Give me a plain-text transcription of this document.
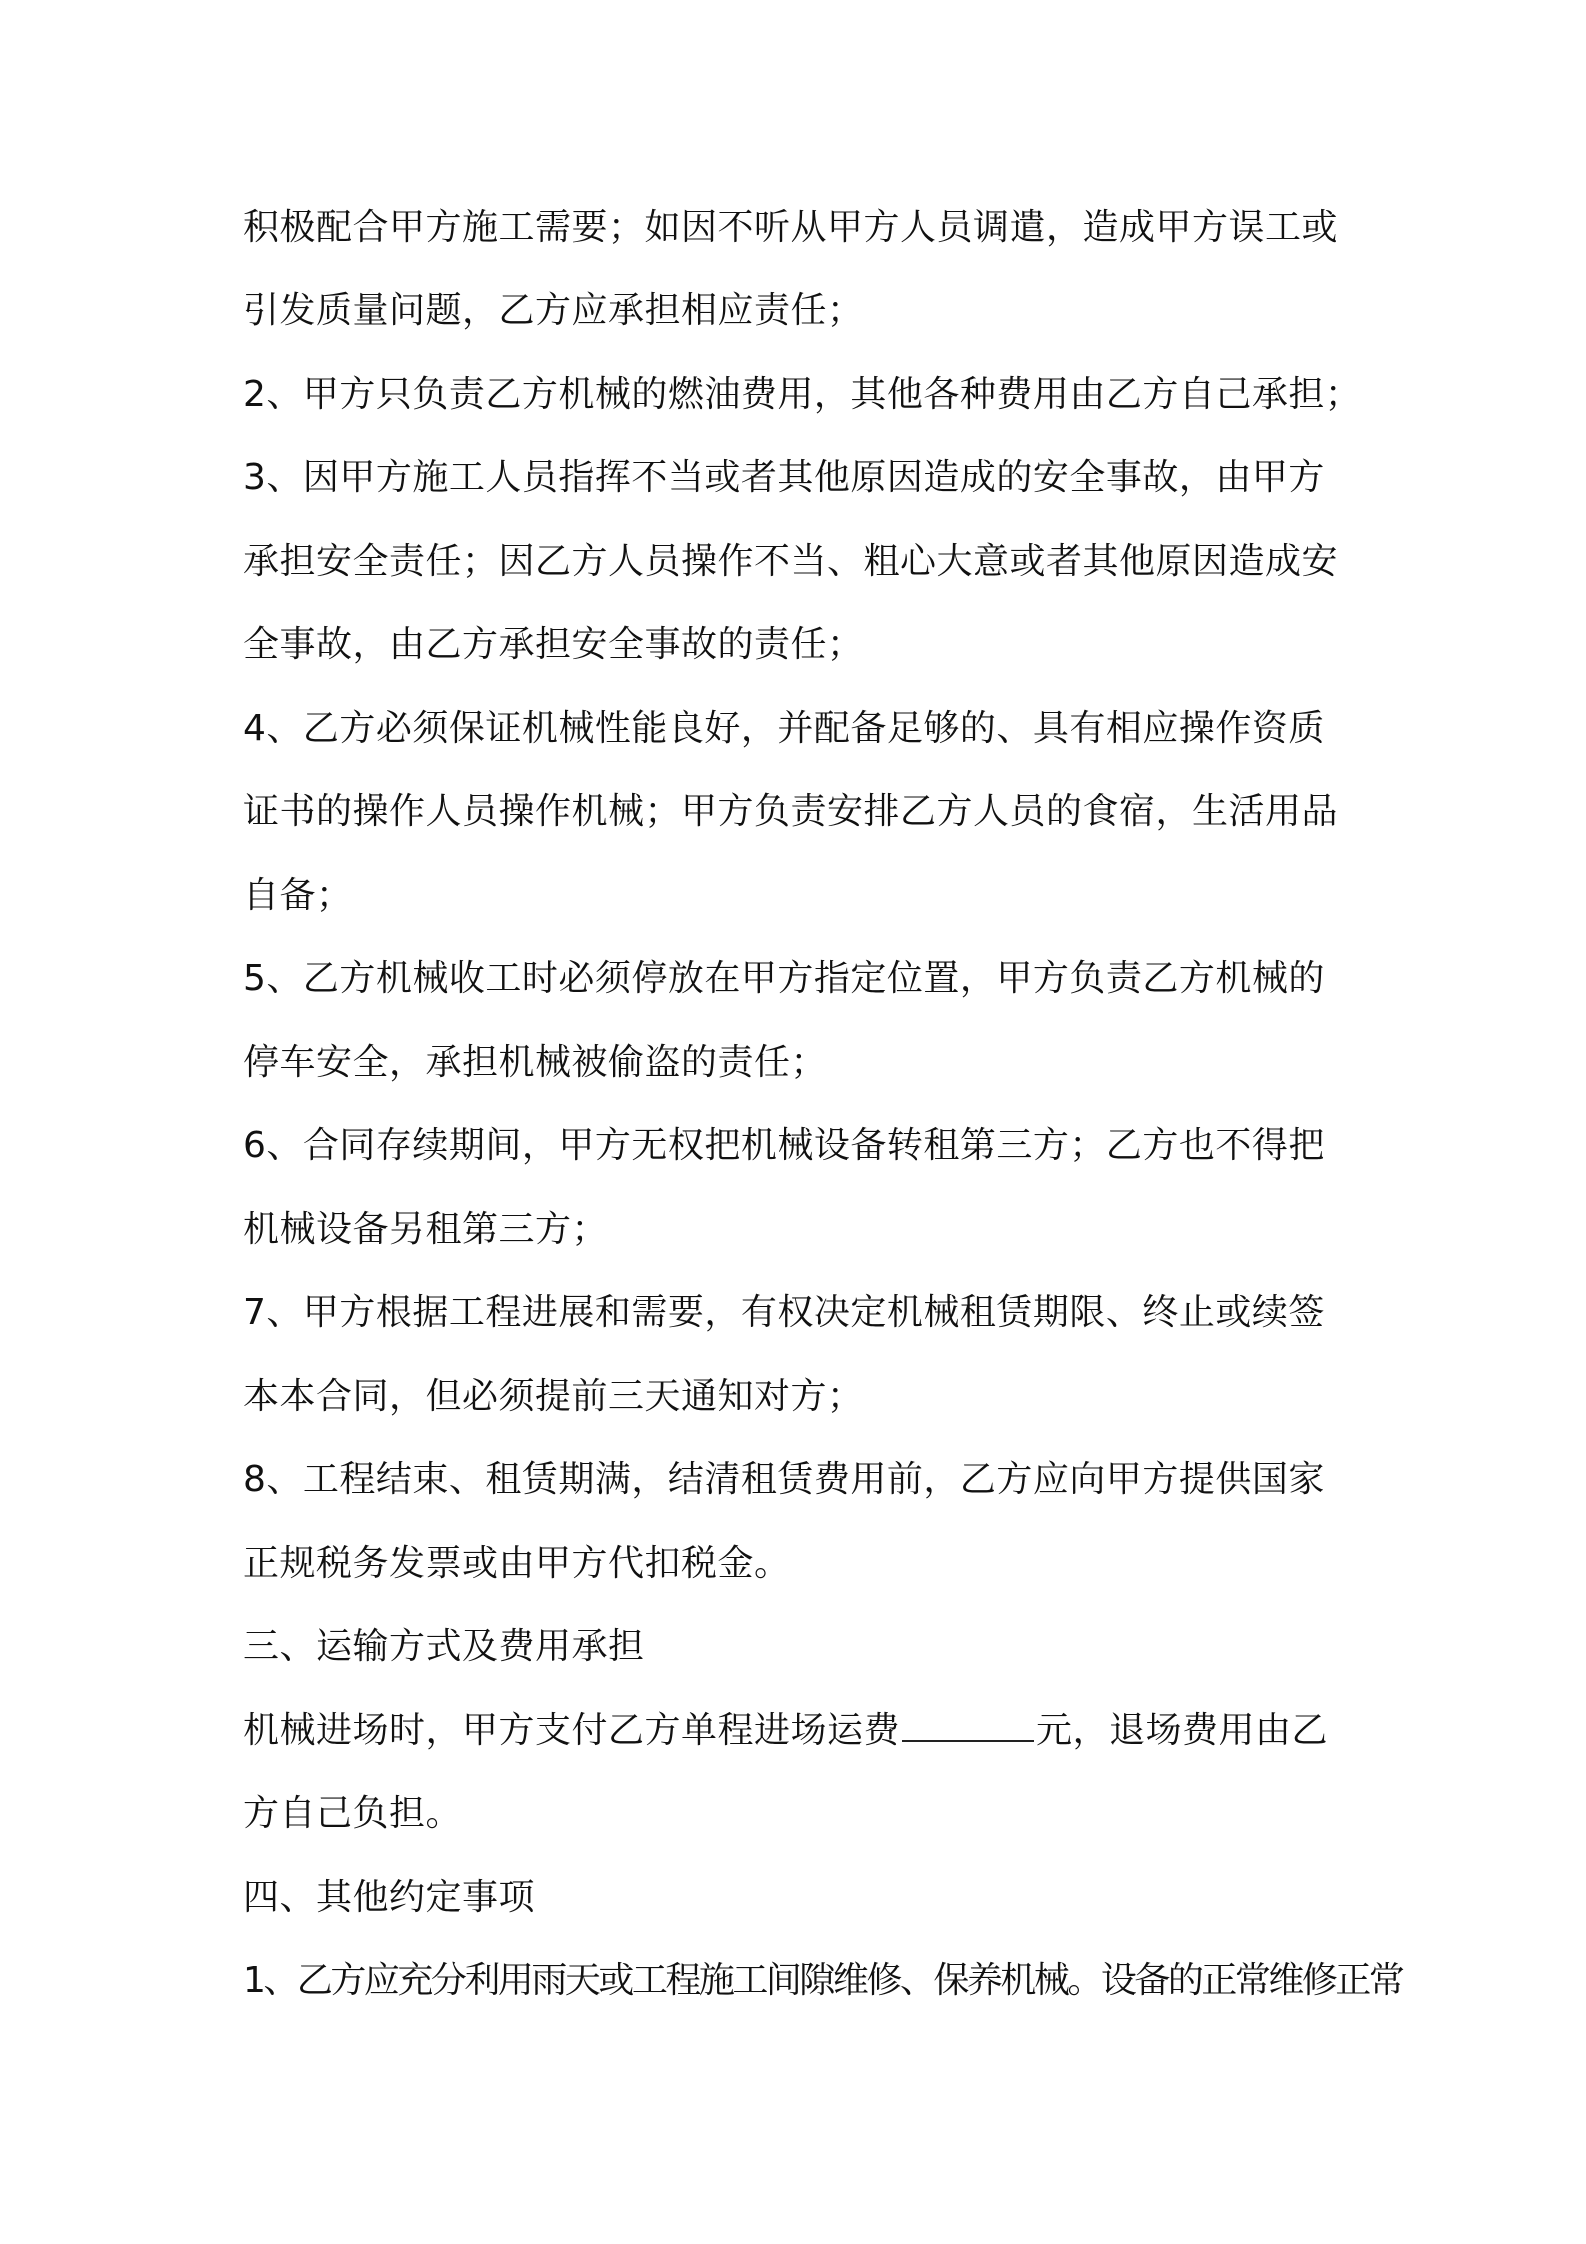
积极配合甲方施工需要；如因不听从甲方人员调遣，造成甲方误工或
引发质量问题，乙方应承担相应责任；
2、甲方只负责乙方机械的燃油费用，其他各种费用由乙方自己承担；
3、因甲方施工人员指挥不当或者其他原因造成的安全事故，由甲方
承担安全责任；因乙方人员操作不当、粗心大意或者其他原因造成安
全事故，由乙方承担安全事故的责任；
4、乙方必须保证机械性能良好，并配备足够的、具有相应操作资质
证书的操作人员操作机械；甲方负责安排乙方人员的食宿，生活用品
自备；
5、乙方机械收工时必须停放在甲方指定位置，甲方负责乙方机械的
停车安全，承担机械被偷盗的责任；
6、合同存续期间，甲方无权把机械设备转租第三方；乙方也不得把
机械设备另租第三方；
7、甲方根据工程进展和需要，有权决定机械租赁期限、终止或续签
本本合同，但必须提前三天通知对方；
8、工程结束、租赁期满，结清租赁费用前，乙方应向甲方提供国家
正规税务发票或由甲方代扣税金。
三、运输方式及费用承担
机械进场时，甲方支付乙方单程进场运费	元，退场费用由乙
方自己负担。
四、其他约定事项
1、乙方应充分利用雨天或工程施工间隙维修、保养机械。设备的正常维修正常
